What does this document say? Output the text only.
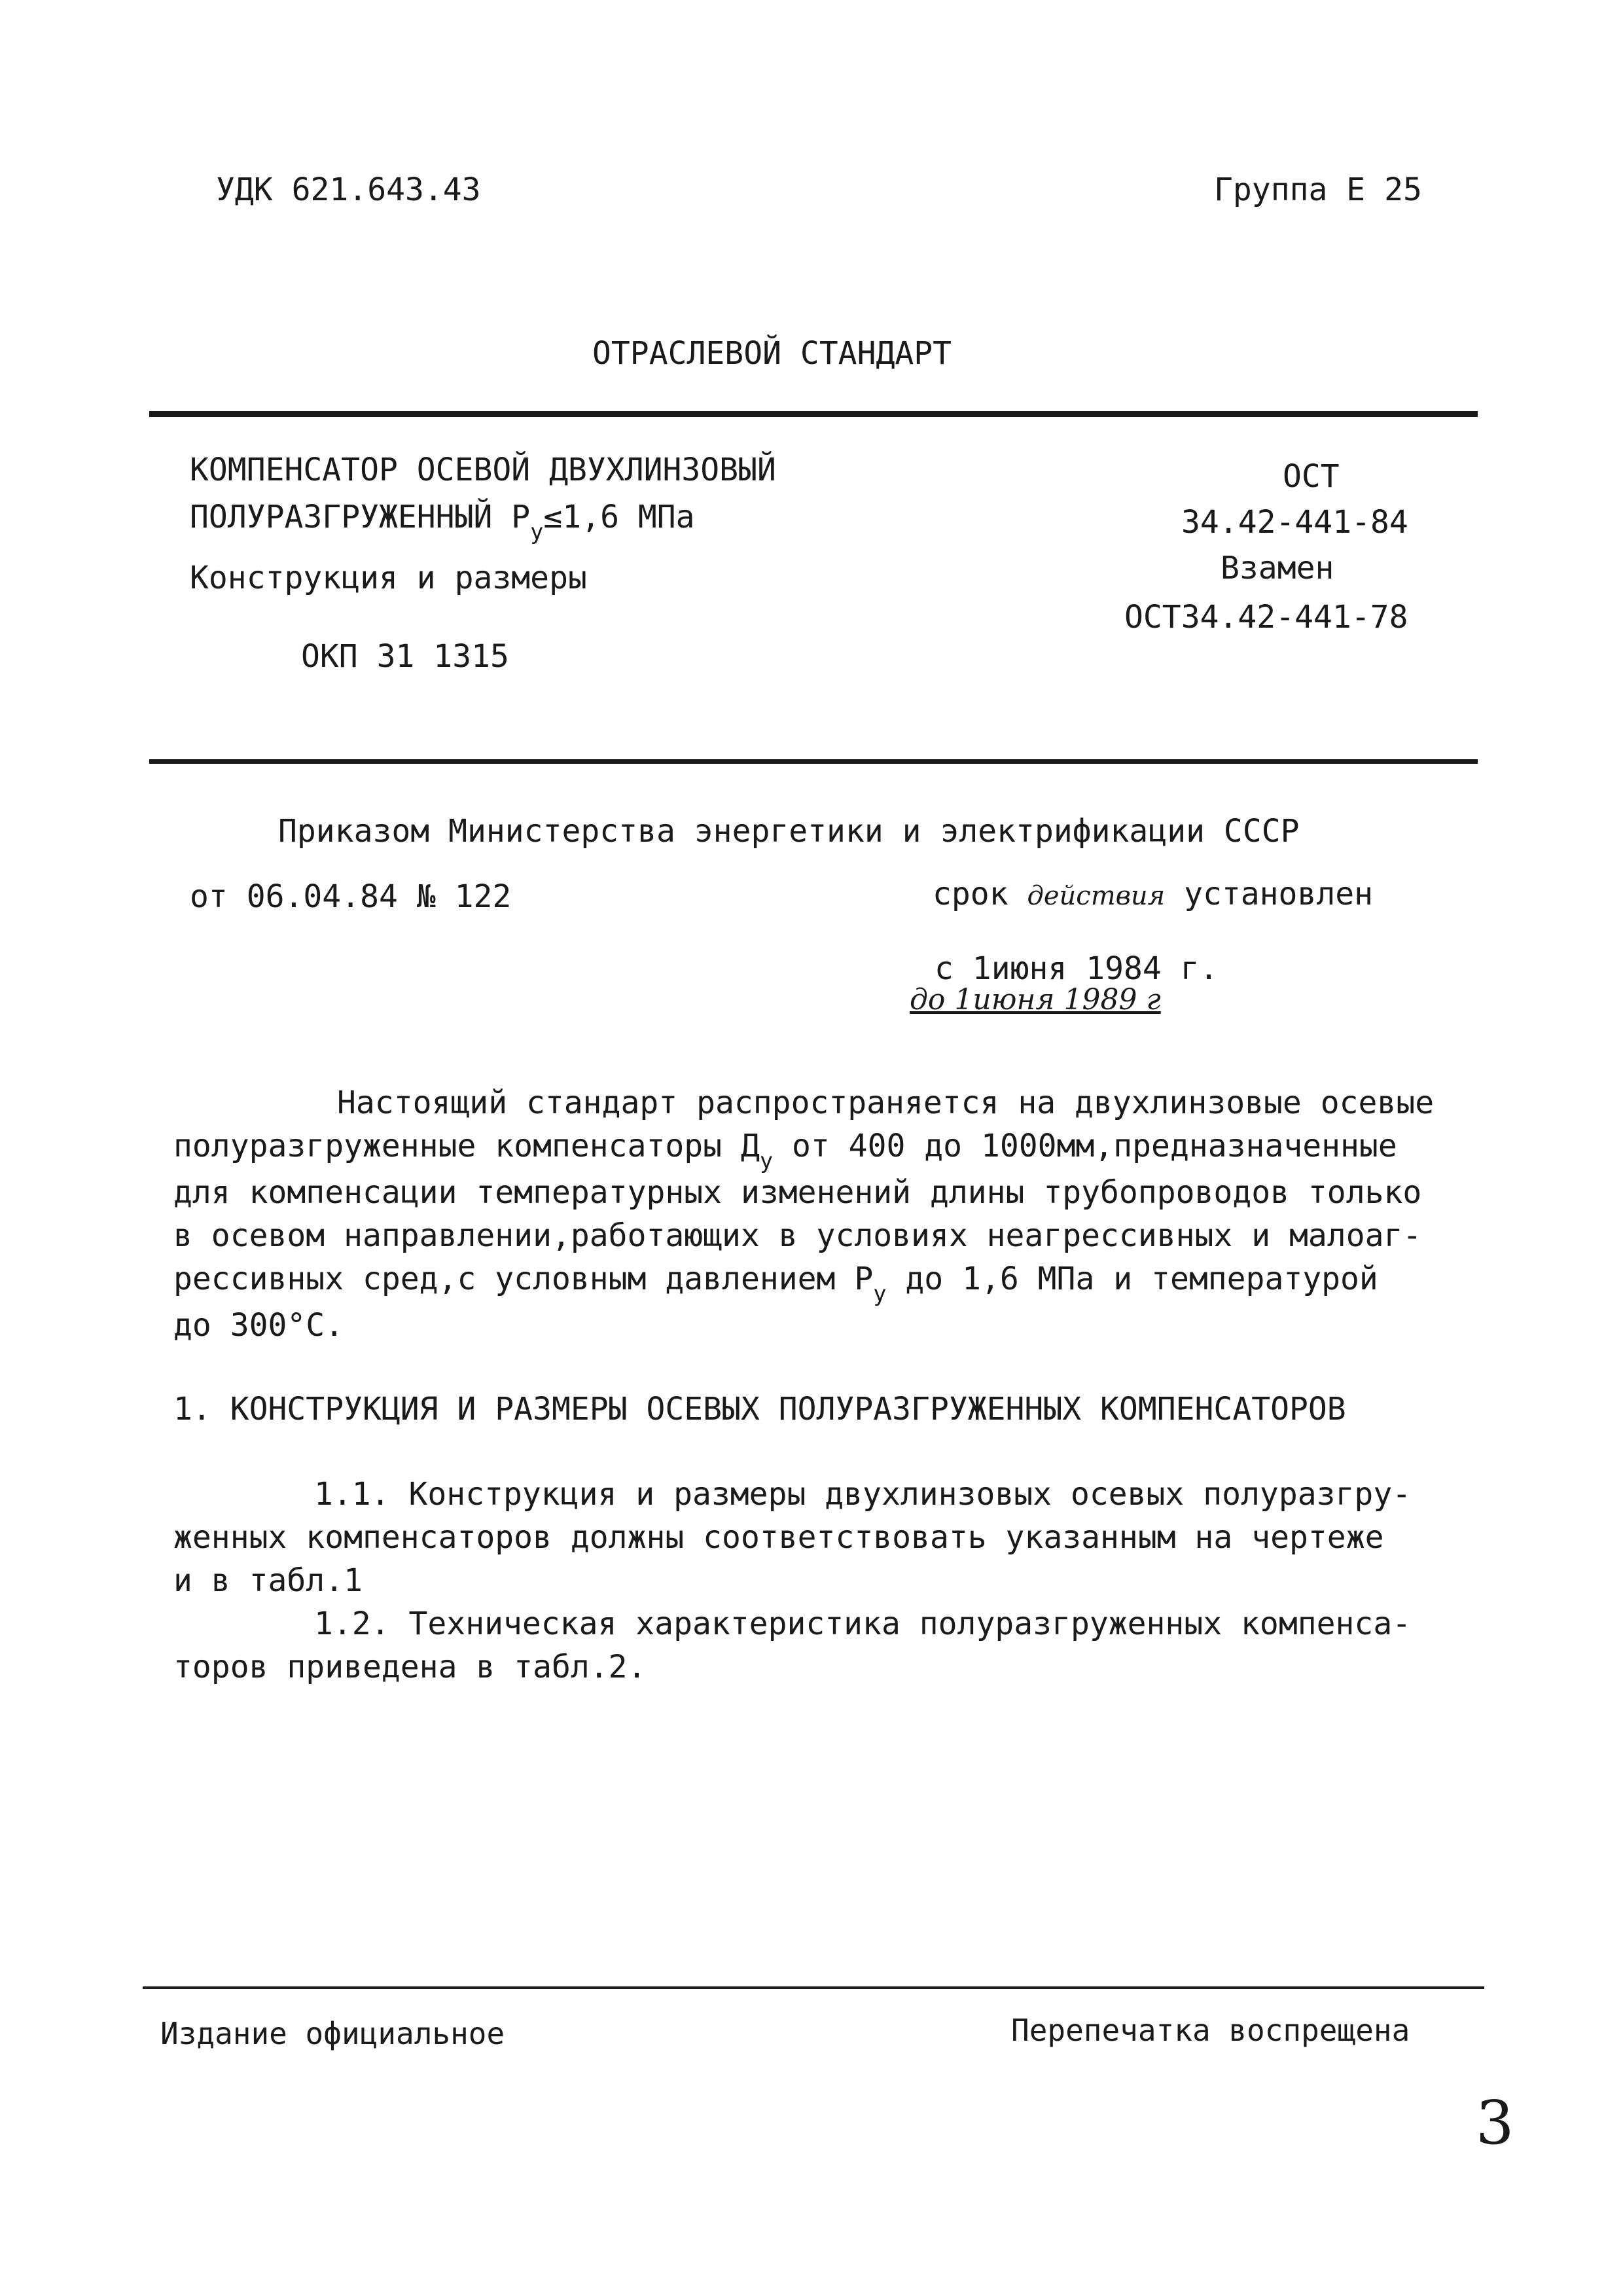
УДК 621.643.43	Группа Е 25
ОТРАСЛЕВОЙ СТАНДАРТ
КОМПЕНСАТОР ОСЕВОЙ ДВУХЛИНЗОВЫЙ
ПОЛУРАЗГРУЖЕННЫЙ $Р_у\le 1,6$ МПа
Конструкция и размеры
ОКП 31 1315
ОСТ
34.42-441-84
Взамен
ОСТ34.42-441-78
Приказом Министерства энергетики и электрификации СССР
от 06.04.84 № 122	срок действия установлен
с 1июня 1984 г.
до 1июня 1989 г
Настоящий стандарт распространяется на двухлинзовые осевые
полуразгруженные компенсаторы $Д_у$ от 400 до 1000мм,предназначенные
для компенсации температурных изменений длины трубопроводов только
в осевом направлении,работающих в условиях неагрессивных и малоаг-
рессивных сред,с условным давлением $Р_у$ до 1,6 МПа и температурой
до 300°С.
1. КОНСТРУКЦИЯ И РАЗМЕРЫ ОСЕВЫХ ПОЛУРАЗГРУЖЕННЫХ КОМПЕНСАТОРОВ
1.1. Конструкция и размеры двухлинзовых осевых полуразгру-
женных компенсаторов должны соответствовать указанным на чертеже
и в табл.1
1.2. Техническая характеристика полуразгруженных компенса-
торов приведена в табл.2.
Издание официальное	Перепечатка воспрещена
3
